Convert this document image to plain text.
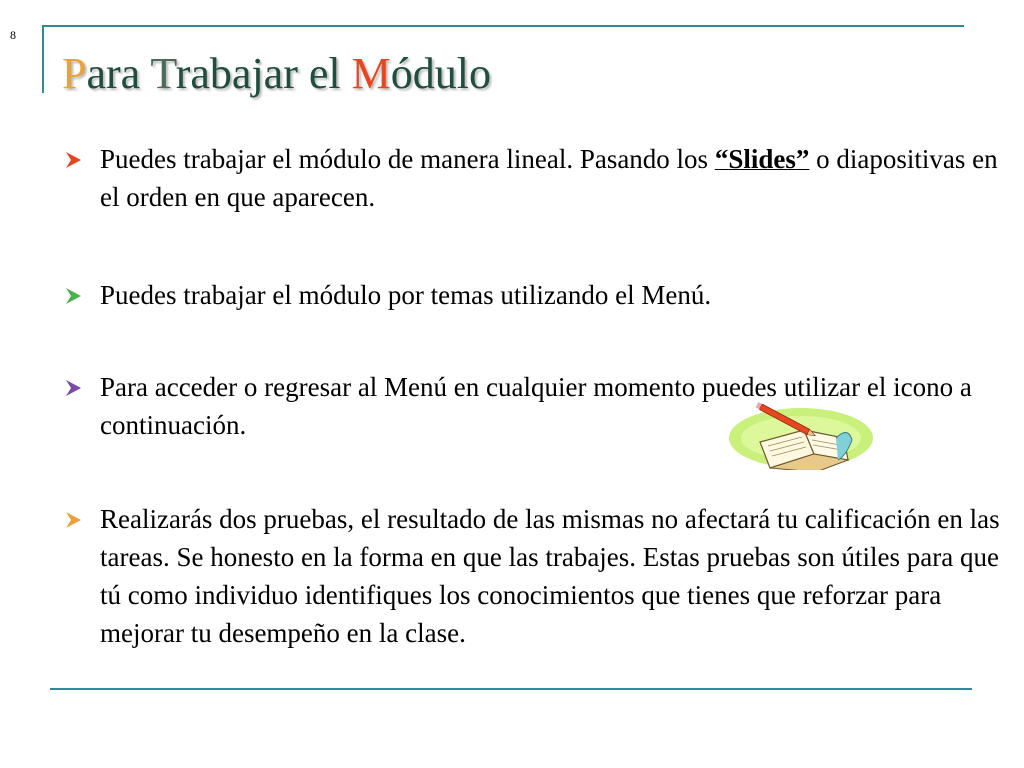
8
Para Trabajar el Módulo
Puedes trabajar el módulo de manera lineal. Pasando los “Slides” o diapositivas en el orden en que aparecen.
Puedes trabajar el módulo por temas utilizando el Menú.
Para acceder o regresar al Menú en cualquier momento puedes utilizar el icono a continuación.
Realizarás dos pruebas, el resultado de las mismas no afectará tu calificación en las tareas. Se honesto en la forma en que las trabajes. Estas pruebas son útiles para que tú como individuo identifiques los conocimientos que tienes que reforzar para mejorar tu desempeño en la clase.
